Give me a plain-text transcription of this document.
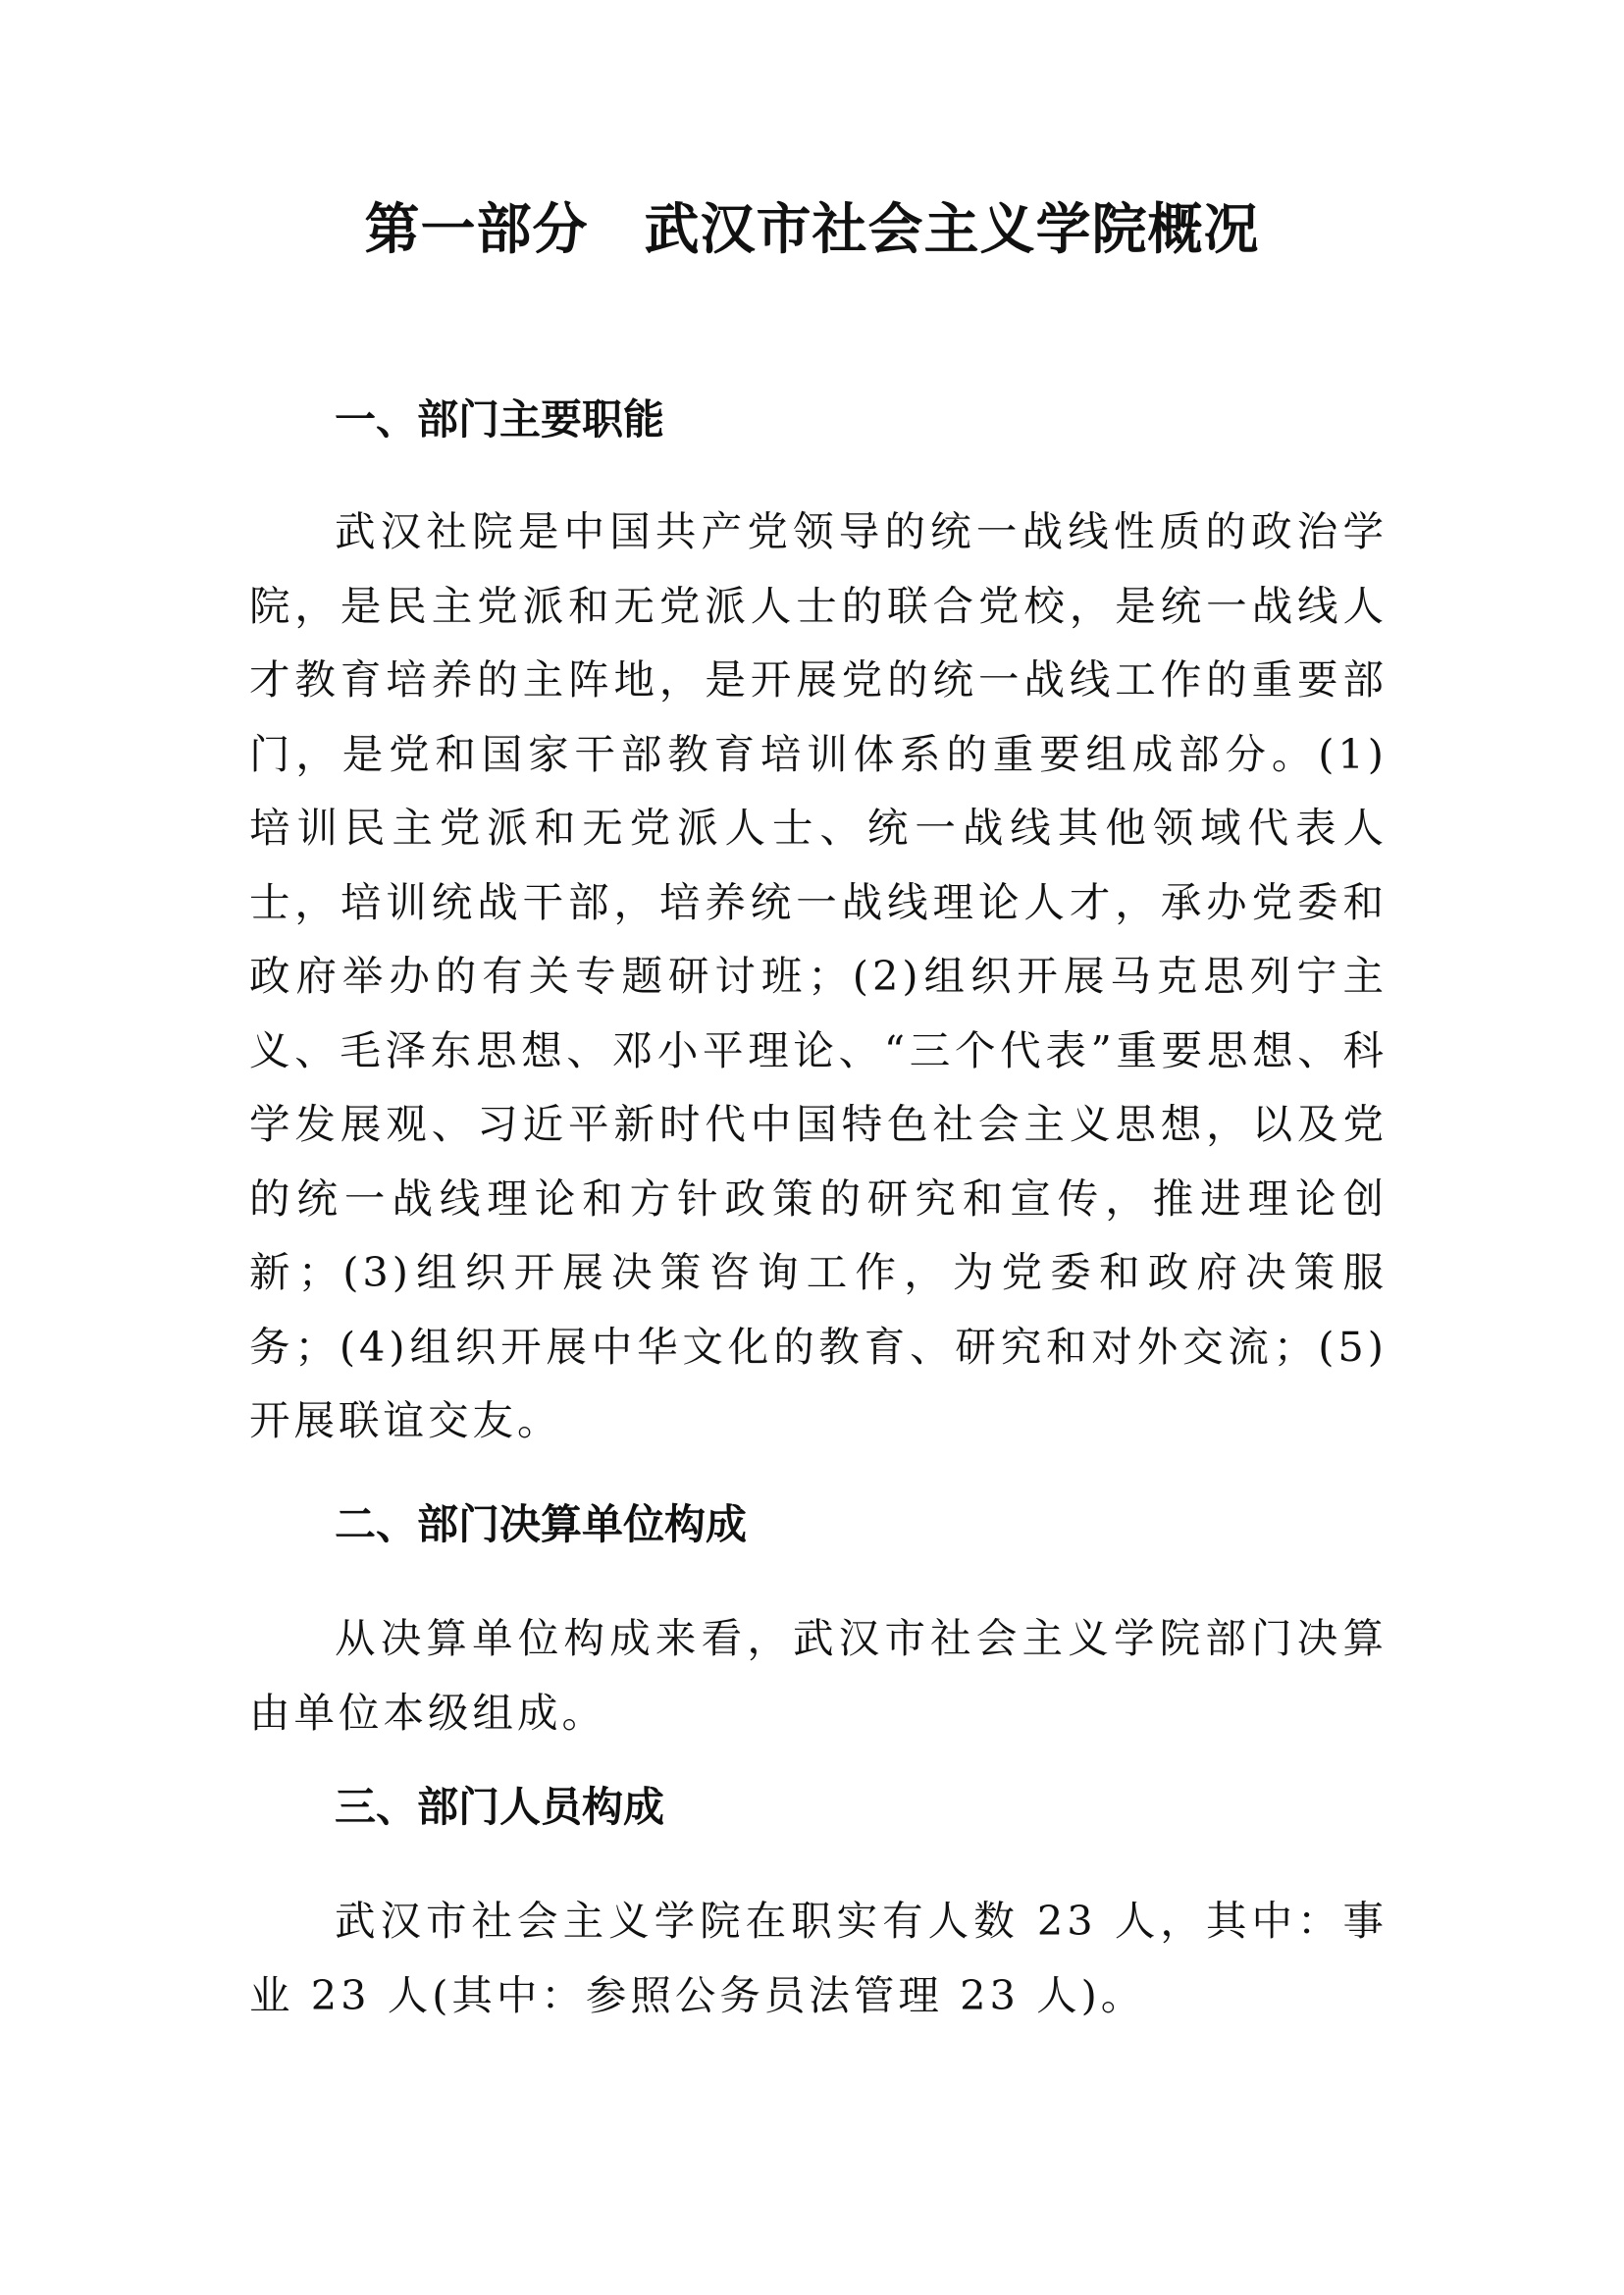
第一部分　武汉市社会主义学院概况
一、部门主要职能
武汉社院是中国共产党领导的统一战线性质的政治学院，是民主党派和无党派人士的联合党校，是统一战线人才教育培养的主阵地，是开展党的统一战线工作的重要部门，是党和国家干部教育培训体系的重要组成部分。(1)培训民主党派和无党派人士、统一战线其他领域代表人士，培训统战干部，培养统一战线理论人才，承办党委和政府举办的有关专题研讨班；(2)组织开展马克思列宁主义、毛泽东思想、邓小平理论、“三个代表”重要思想、科学发展观、习近平新时代中国特色社会主义思想，以及党的统一战线理论和方针政策的研究和宣传，推进理论创新；(3)组织开展决策咨询工作，为党委和政府决策服务；(4)组织开展中华文化的教育、研究和对外交流；(5)开展联谊交友。
二、部门决算单位构成
从决算单位构成来看，武汉市社会主义学院部门决算由单位本级组成。
三、部门人员构成
武汉市社会主义学院在职实有人数 23 人，其中：事业 23 人(其中：参照公务员法管理 23 人)。
